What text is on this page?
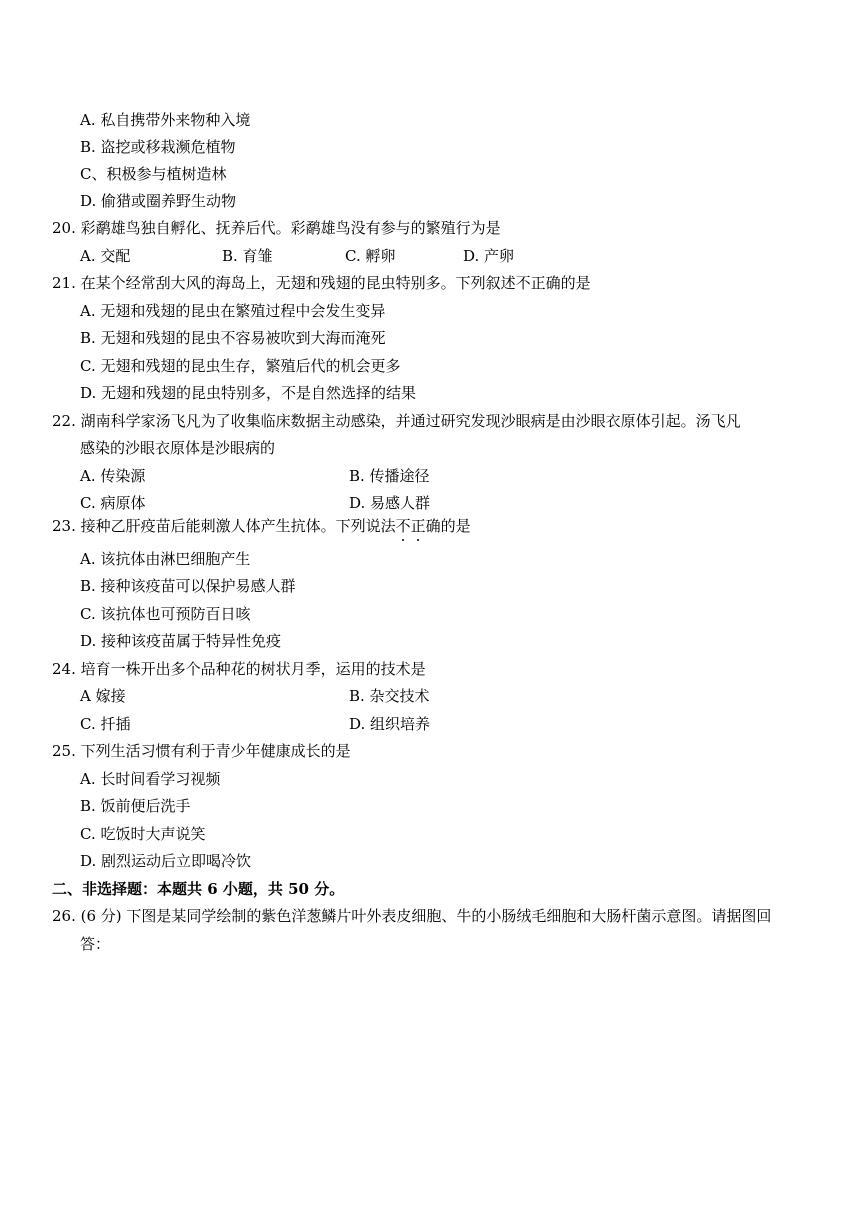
A. 私自携带外来物种入境
B. 盗挖或移栽濒危植物
C、积极参与植树造林
D. 偷猎或圈养野生动物
20. 彩鹬雄鸟独自孵化、抚养后代。彩鹬雄鸟没有参与的繁殖行为是
A. 交配	B. 育雏	C. 孵卵	D. 产卵
21. 在某个经常刮大风的海岛上，无翅和残翅的昆虫特别多。下列叙述不正确的是
A. 无翅和残翅的昆虫在繁殖过程中会发生变异
B. 无翅和残翅的昆虫不容易被吹到大海而淹死
C. 无翅和残翅的昆虫生存，繁殖后代的机会更多
D. 无翅和残翅的昆虫特别多，不是自然选择的结果
22. 湖南科学家汤飞凡为了收集临床数据主动感染，并通过研究发现沙眼病是由沙眼衣原体引起。汤飞凡
感染的沙眼衣原体是沙眼病的
A. 传染源	B. 传播途径
C. 病原体	D. 易感人群
23. 接种乙肝疫苗后能刺激人体产生抗体。下列说法不正确的是
A. 该抗体由淋巴细胞产生
B. 接种该疫苗可以保护易感人群
C. 该抗体也可预防百日咳
D. 接种该疫苗属于特异性免疫
24. 培育一株开出多个品种花的树状月季，运用的技术是
A 嫁接	B. 杂交技术
C. 扦插	D. 组织培养
25. 下列生活习惯有利于青少年健康成长的是
A. 长时间看学习视频
B. 饭前便后洗手
C. 吃饭时大声说笑
D. 剧烈运动后立即喝冷饮
二、非选择题：本题共 6 小题，共 50 分。
26. (6 分) 下图是某同学绘制的紫色洋葱鳞片叶外表皮细胞、牛的小肠绒毛细胞和大肠杆菌示意图。请据图回
答：
